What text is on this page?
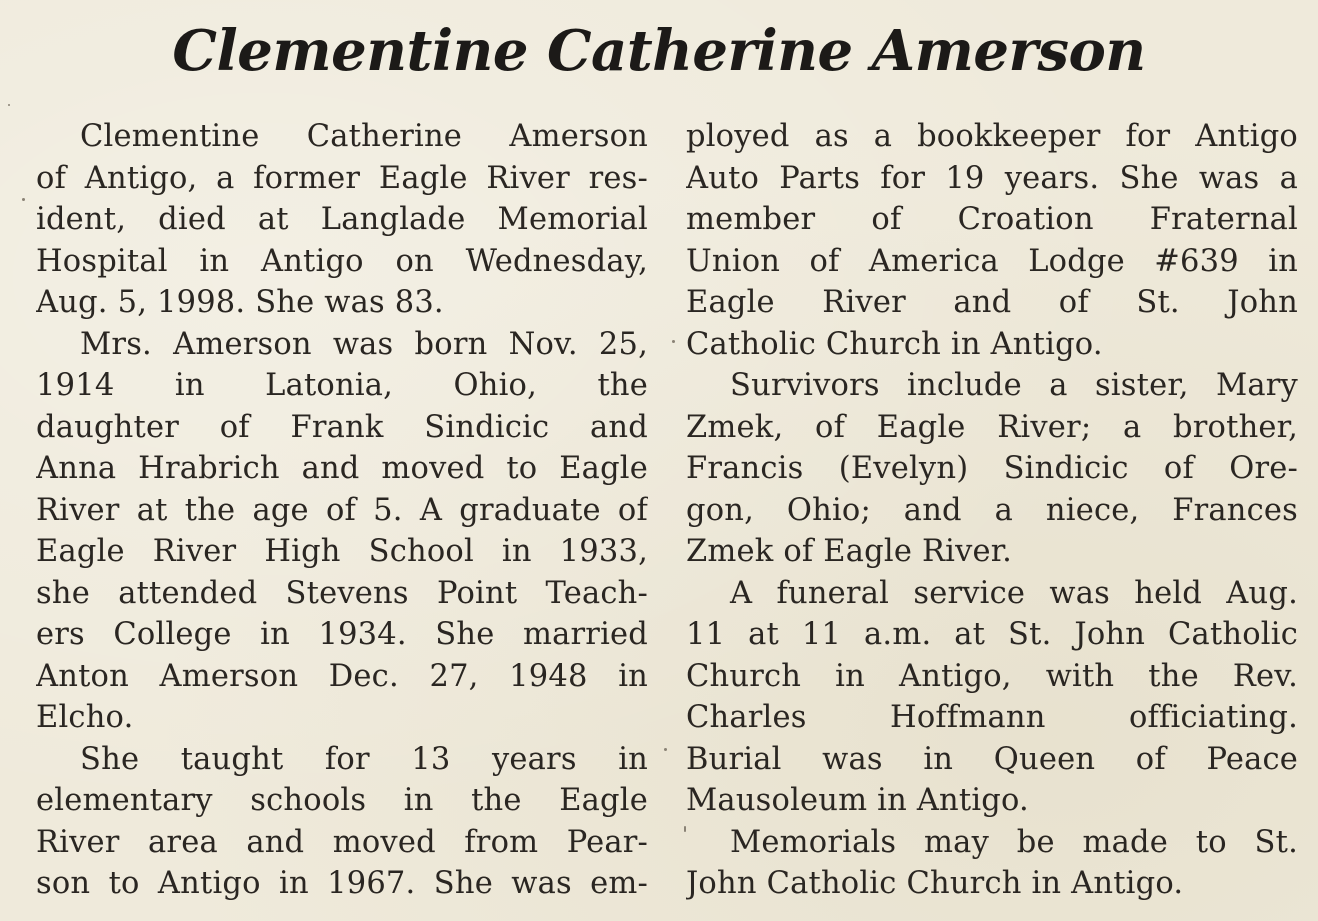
Clementine Catherine Amerson
Clementine Catherine Amerson
of Antigo, a former Eagle River res-
ident, died at Langlade Memorial
Hospital in Antigo on Wednesday,
Aug. 5, 1998. She was 83.
Mrs. Amerson was born Nov. 25,
1914 in Latonia, Ohio, the
daughter of Frank Sindicic and
Anna Hrabrich and moved to Eagle
River at the age of 5. A graduate of
Eagle River High School in 1933,
she attended Stevens Point Teach-
ers College in 1934. She married
Anton Amerson Dec. 27, 1948 in
Elcho.
She taught for 13 years in
elementary schools in the Eagle
River area and moved from Pear-
son to Antigo in 1967. She was em-
ployed as a bookkeeper for Antigo
Auto Parts for 19 years. She was a
member of Croation Fraternal
Union of America Lodge #639 in
Eagle River and of St. John
Catholic Church in Antigo.
Survivors include a sister, Mary
Zmek, of Eagle River; a brother,
Francis (Evelyn) Sindicic of Ore-
gon, Ohio; and a niece, Frances
Zmek of Eagle River.
A funeral service was held Aug.
11 at 11 a.m. at St. John Catholic
Church in Antigo, with the Rev.
Charles Hoffmann officiating.
Burial was in Queen of Peace
Mausoleum in Antigo.
Memorials may be made to St.
John Catholic Church in Antigo.
